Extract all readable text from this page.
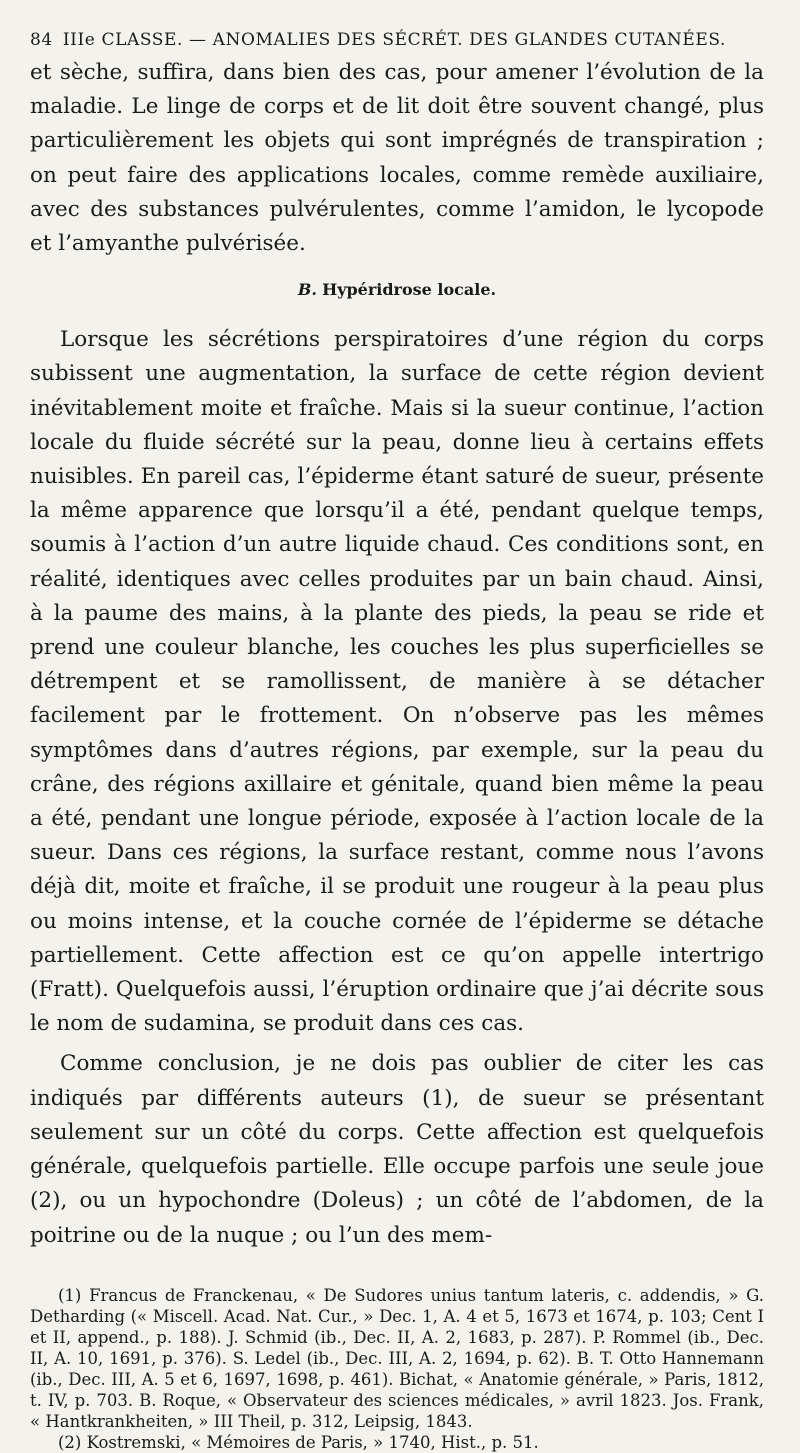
84 IIIe CLASSE. — ANOMALIES DES SÉCRÉT. DES GLANDES CUTANÉES.

et sèche, suffira, dans bien des cas, pour amener l’évolution de la maladie. Le linge de corps et de lit doit être souvent changé, plus particulièrement les objets qui sont imprégnés de transpiration ; on peut faire des applications locales, comme remède auxiliaire, avec des substances pulvérulentes, comme l’amidon, le lycopode et l’amyanthe pulvérisée.

B. Hypéridrose locale.

Lorsque les sécrétions perspiratoires d’une région du corps subissent une augmentation, la surface de cette région devient inévitablement moite et fraîche. Mais si la sueur continue, l’action locale du fluide sécrété sur la peau, donne lieu à certains effets nuisibles. En pareil cas, l’épiderme étant saturé de sueur, présente la même apparence que lorsqu’il a été, pendant quelque temps, soumis à l’action d’un autre liquide chaud. Ces conditions sont, en réalité, identiques avec celles produites par un bain chaud. Ainsi, à la paume des mains, à la plante des pieds, la peau se ride et prend une couleur blanche, les couches les plus superficielles se détrempent et se ramollissent, de manière à se détacher facilement par le frottement. On n’observe pas les mêmes symptômes dans d’autres régions, par exemple, sur la peau du crâne, des régions axillaire et génitale, quand bien même la peau a été, pendant une longue période, exposée à l’action locale de la sueur. Dans ces régions, la surface restant, comme nous l’avons déjà dit, moite et fraîche, il se produit une rougeur à la peau plus ou moins intense, et la couche cornée de l’épiderme se détache partiellement. Cette affection est ce qu’on appelle intertrigo (Fratt). Quelquefois aussi, l’éruption ordinaire que j’ai décrite sous le nom de sudamina, se produit dans ces cas.

Comme conclusion, je ne dois pas oublier de citer les cas indiqués par différents auteurs (1), de sueur se présentant seulement sur un côté du corps. Cette affection est quelquefois générale, quelquefois partielle. Elle occupe parfois une seule joue (2), ou un hypochondre (Doleus) ; un côté de l’abdomen, de la poitrine ou de la nuque ; ou l’un des mem-

(1) Francus de Franckenau, « De Sudores unius tantum lateris, c. addendis, » G. Detharding (« Miscell. Acad. Nat. Cur., » Dec. 1, A. 4 et 5, 1673 et 1674, p. 103; Cent I et II, append., p. 188). J. Schmid (ib., Dec. II, A. 2, 1683, p. 287). P. Rommel (ib., Dec. II, A. 10, 1691, p. 376). S. Ledel (ib., Dec. III, A. 2, 1694, p. 62). B. T. Otto Hannemann (ib., Dec. III, A. 5 et 6, 1697, 1698, p. 461). Bichat, « Anatomie générale, » Paris, 1812, t. IV, p. 703. B. Roque, « Observateur des sciences médicales, » avril 1823. Jos. Frank, « Hantkrankheiten, » III Theil, p. 312, Leipsig, 1843.

(2) Kostremski, « Mémoires de Paris, » 1740, Hist., p. 51.
